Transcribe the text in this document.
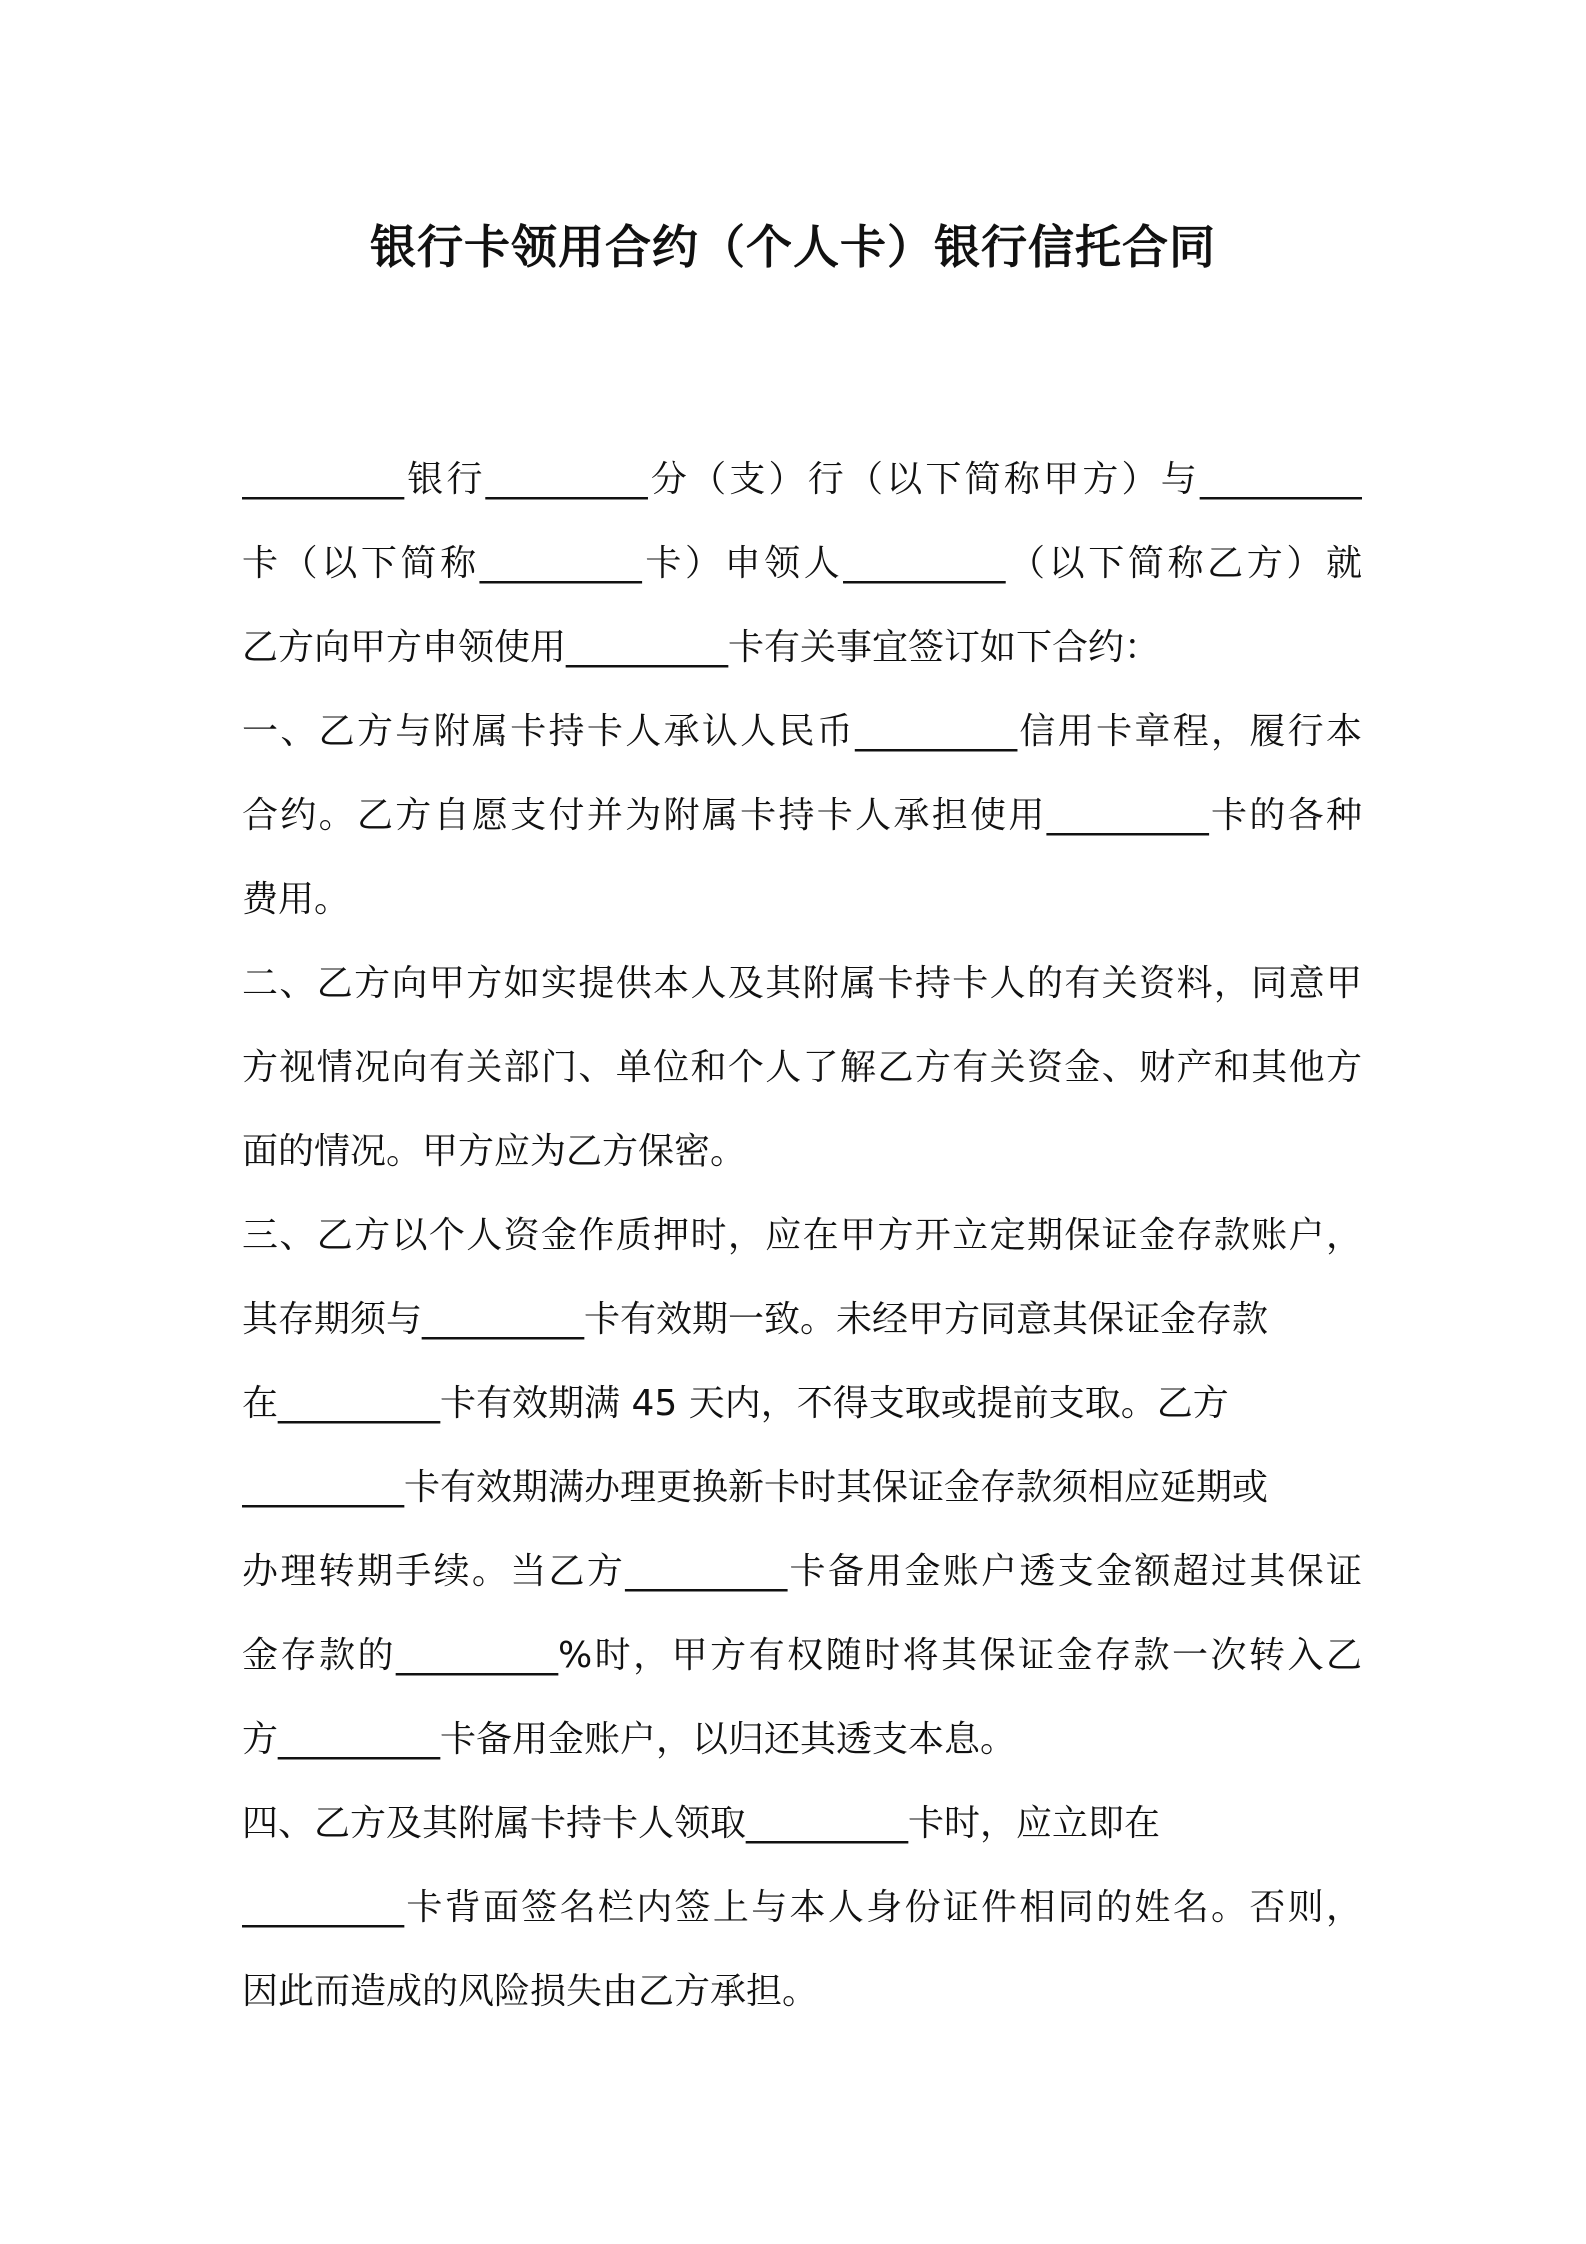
银行卡领用合约（个人卡）银行信托合同
_________银行_________分（支）行（以下简称甲方）与_________
卡（以下简称_________卡）申领人_________（以下简称乙方）就
乙方向甲方申领使用_________卡有关事宜签订如下合约：
一、乙方与附属卡持卡人承认人民币_________信用卡章程，履行本
合约。乙方自愿支付并为附属卡持卡人承担使用_________卡的各种
费用。
二、乙方向甲方如实提供本人及其附属卡持卡人的有关资料，同意甲
方视情况向有关部门、单位和个人了解乙方有关资金、财产和其他方
面的情况。甲方应为乙方保密。
三、乙方以个人资金作质押时，应在甲方开立定期保证金存款账户，
其存期须与_________卡有效期一致。未经甲方同意其保证金存款
在_________卡有效期满 45 天内，不得支取或提前支取。乙方
_________卡有效期满办理更换新卡时其保证金存款须相应延期或
办理转期手续。当乙方_________卡备用金账户透支金额超过其保证
金存款的_________%时，甲方有权随时将其保证金存款一次转入乙
方_________卡备用金账户，以归还其透支本息。
四、乙方及其附属卡持卡人领取_________卡时，应立即在
_________卡背面签名栏内签上与本人身份证件相同的姓名。否则，
因此而造成的风险损失由乙方承担。
